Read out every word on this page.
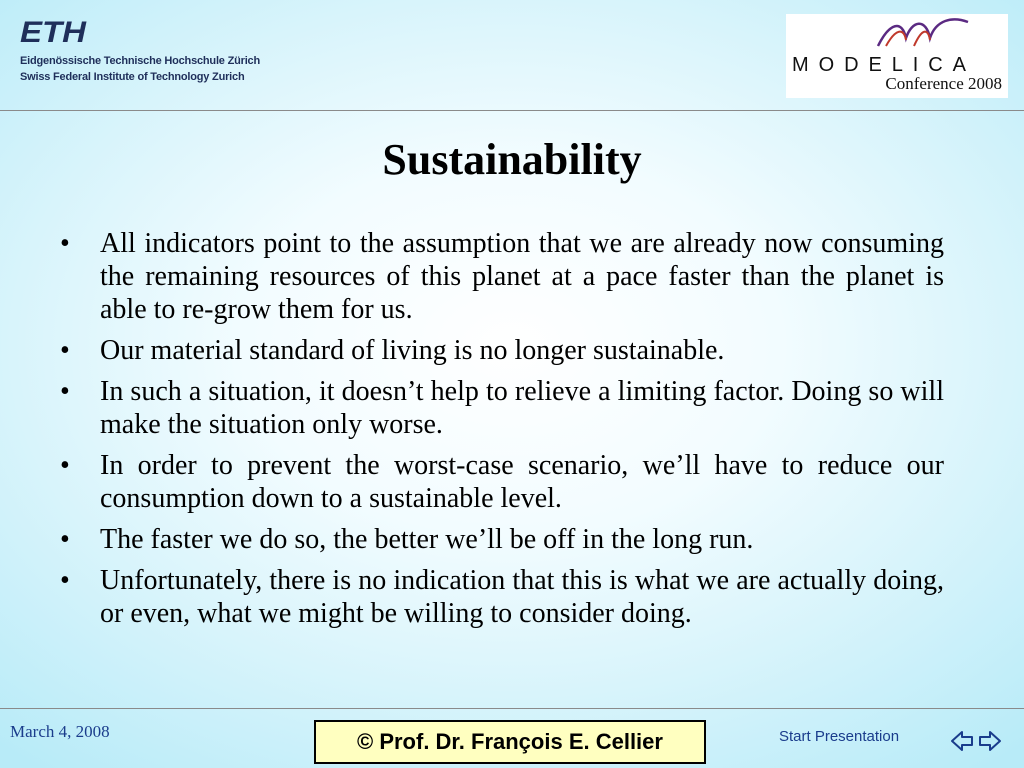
ETH
Eidgenössische Technische Hochschule Zürich
Swiss Federal Institute of Technology Zurich
MODELICA
Conference 2008
Sustainability
• All indicators point to the assumption that we are already now consuming the remaining resources of this planet at a pace faster than the planet is able to re-grow them for us.
• Our material standard of living is no longer sustainable.
• In such a situation, it doesn’t help to relieve a limiting factor. Doing so will make the situation only worse.
• In order to prevent the worst-case scenario, we’ll have to reduce our consumption down to a sustainable level.
• The faster we do so, the better we’ll be off in the long run.
• Unfortunately, there is no indication that this is what we are actually doing, or even, what we might be willing to consider doing.
March 4, 2008	© Prof. Dr. François E. Cellier	Start Presentation
